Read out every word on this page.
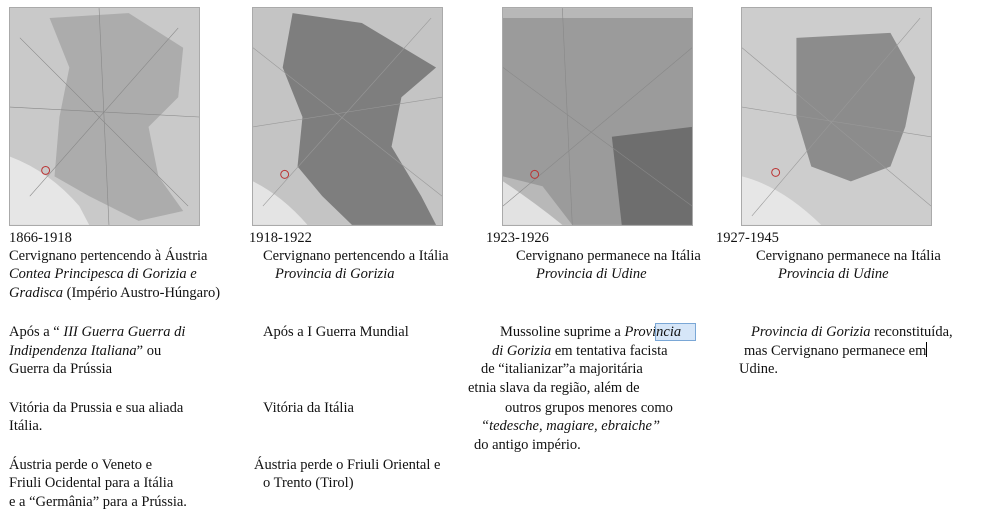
1866-1918
Cervignano pertencendo à Áustria
Contea Principesca di Gorizia e
Gradisca (Império Austro-Húngaro)
Após a “ III Guerra Guerra di
Indipendenza Italiana” ou
Guerra da Prússia
Vitória da Prussia e sua aliada
Itália.
Áustria perde o Veneto e
Friuli Ocidental para a Itália
e a “Germânia” para a Prússia.
1918-1922
Cervignano pertencendo a Itália
Provincia di Gorizia
Após a I Guerra Mundial
Vitória da Itália
Áustria perde o Friuli Oriental e
o Trento (Tirol)
1923-1926
Cervignano permanece na Itália
Provincia di Udine
Mussoline suprime a Provincia
di Gorizia em tentativa facista
de “italianizar”a majoritária
etnia slava da região, além de
outros grupos menores como
“tedesche, magiare, ebraiche”
do antigo império.
1927-1945
Cervignano permanece na Itália
Provincia di Udine
Provincia di Gorizia reconstituída,
mas Cervignano permanece em
Udine.
